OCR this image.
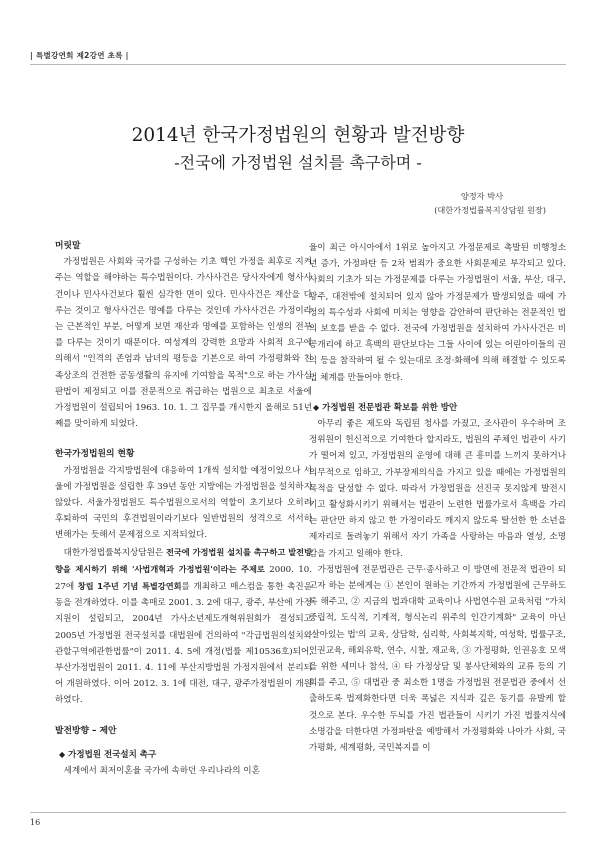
| 특별강연회 제2강연 초록 |
2014년 한국가정법원의 현황과 발전방향
-전국에 가정법원 설치를 촉구하며 -
양정자 박사
(대한가정법률복지상담원 원장)

머릿말

가정법원은 사회와 국가를 구성하는 기초 핵인 가정을 최후로 지켜주는 역할을 해야하는 특수법원이다. 가사사건은 당사자에게 형사사건이나 민사사건보다 훨씬 심각한 면이 있다. 민사사건은 재산을 다루는 것이고 형사사건은 명예를 다루는 것인데 가사사건은 가정이라는 근본적인 부분, 어떻게 보면 재산과 명예를 포함하는 인생의 전부를 다루는 것이기 때문이다. 여성계의 강력한 요망과 사회적 요구에 의해서 "인격의 존엄과 남녀의 평등을 기본으로 하여 가정평화와 친족상조의 건전한 공동생활의 유지에 기여함을 목적"으로 하는 가사심판법이 제정되고 이를 전문적으로 취급하는 법원으로 최초로 서울에 가정법원이 설립되어 1963. 10. 1. 그 집무를 개시한지 올해로 51년째를 맞이하게 되었다.

한국가정법원의 현황

가정법원을 각지방법원에 대응하여 1개씩 설치할 예정이었으나 서울에 가정법원을 설립한 후 39년 동안 지방에는 가정법원을 설치하지 않았다. 서울가정법원도 특수법원으로서의 역할이 초기보다 오히려 후퇴하여 국민의 후견법원이라기보다 일반법원의 성격으로 서서히 변해가는 듯해서 문제점으로 지적되었다.

대한가정법률복지상담원은 전국에 가정법원 설치를 촉구하고 발전방향을 제시하기 위해 '사법개혁과 가정법원'이라는 주제로 2000. 10. 27에 창립 1주년 기념 특별강연회를 개최하고 매스컴을 통한 촉진운동을 전개하였다. 이를 촉매로 2001. 3. 2에 대구, 광주, 부산에 가정지원이 설립되고, 2004년 가사소년제도개혁위원회가 결성되고 2005년 가정법원 전국설치를 대법원에 건의하여 "각급법원의설치와관할구역에관한법률"이 2011. 4. 5에 개정(법률 제10536호)되어, 부산가정법원이 2011. 4. 11에 부산지방법원 가정지원에서 분리되어 개원하였다. 이어 2012. 3. 1에 대전, 대구, 광주가정법원이 개원하였다.

발전방향 – 제안

◆ 가정법원 전국설치 촉구

세계에서 최저이혼율 국가에 속하던 우리나라의 이혼

율이 최근 아시아에서 1위로 높아지고 가정문제로 촉발된 비행청소년 증가, 가정파탄 등 2차 범죄가 중요한 사회문제로 부각되고 있다. 사회의 기초가 되는 가정문제를 다루는 가정법원이 서울, 부산, 대구, 광주, 대전밖에 설치되어 있지 않아 가정문제가 발생되었을 때에 가정의 특수성과 사회에 미치는 영향을 감안하여 판단하는 전문적인 법의 보호를 받을 수 없다. 전국에 가정법원을 설치하여 가사사건은 비공개리에 하고 흑백의 판단보다는 그들 사이에 있는 어린아이들의 권익 등을 참작하여 될 수 있는대로 조정·화해에 의해 해결할 수 있도록 법 체계를 만들어야 한다.

◆ 가정법원 전문법관 확보를 위한 방안

아무리 좋은 제도와 독립된 청사를 가졌고, 조사관이 우수하며 조정위원이 헌신적으로 기여한다 할지라도, 법원의 주체인 법관이 사기가 떨어져 있고, 가정법원의 운영에 대해 큰 흥미를 느끼지 못하거나 의무적으로 임하고, 가부장제의식을 가지고 있을 때에는 가정법원의 목적을 달성할 수 없다. 따라서 가정법원을 선진국 못지않게 발전시키고 활성화시키기 위해서는 법관이 노련한 법률가로서 흑백을 가리는 판단만 하지 않고 한 가정이라도 깨지지 않도록 탈선한 한 소년을 제자리로 돌려놓기 위해서 자기 가족을 사랑하는 마음과 열성, 소명감을 가지고 일해야 한다.

가정법원에 전문법관은 근무·종사하고 이 방면에 전문적 법관이 되고자 하는 분에게는 ① 본인이 원하는 기간까지 가정법원에 근무하도록 해주고, ② 지금의 법과대학 교육이나 사법연수원 교육처럼 "가치중립적, 도식적, 기계적, 형식논리 위주의 인간기계화" 교육이 아닌 '살아있는 법'의 교육, 상담학, 심리학, 사회복지학, 여성학, 법률구조, 인권교육, 해외유학, 연수, 시찰, 재교육, ③ 가정평화, 인권옹호 모색을 위한 세미나 참석, ④ 타 가정상담 및 봉사단체와의 교류 등의 기회를 주고, ⑤ 대법관 중 최소한 1명을 가정법원 전문법관 중에서 선출하도록 법제화한다면 더욱 폭넓은 지식과 깊은 동기를 유발케 할 것으로 본다. 우수한 두뇌를 가진 법관들이 시키기 가진 법률지식에 소명감을 더한다면 가정파탄을 예방해서 가정평화와 나아가 사회, 국가평화, 세계평화, 국민복지를 이

16
